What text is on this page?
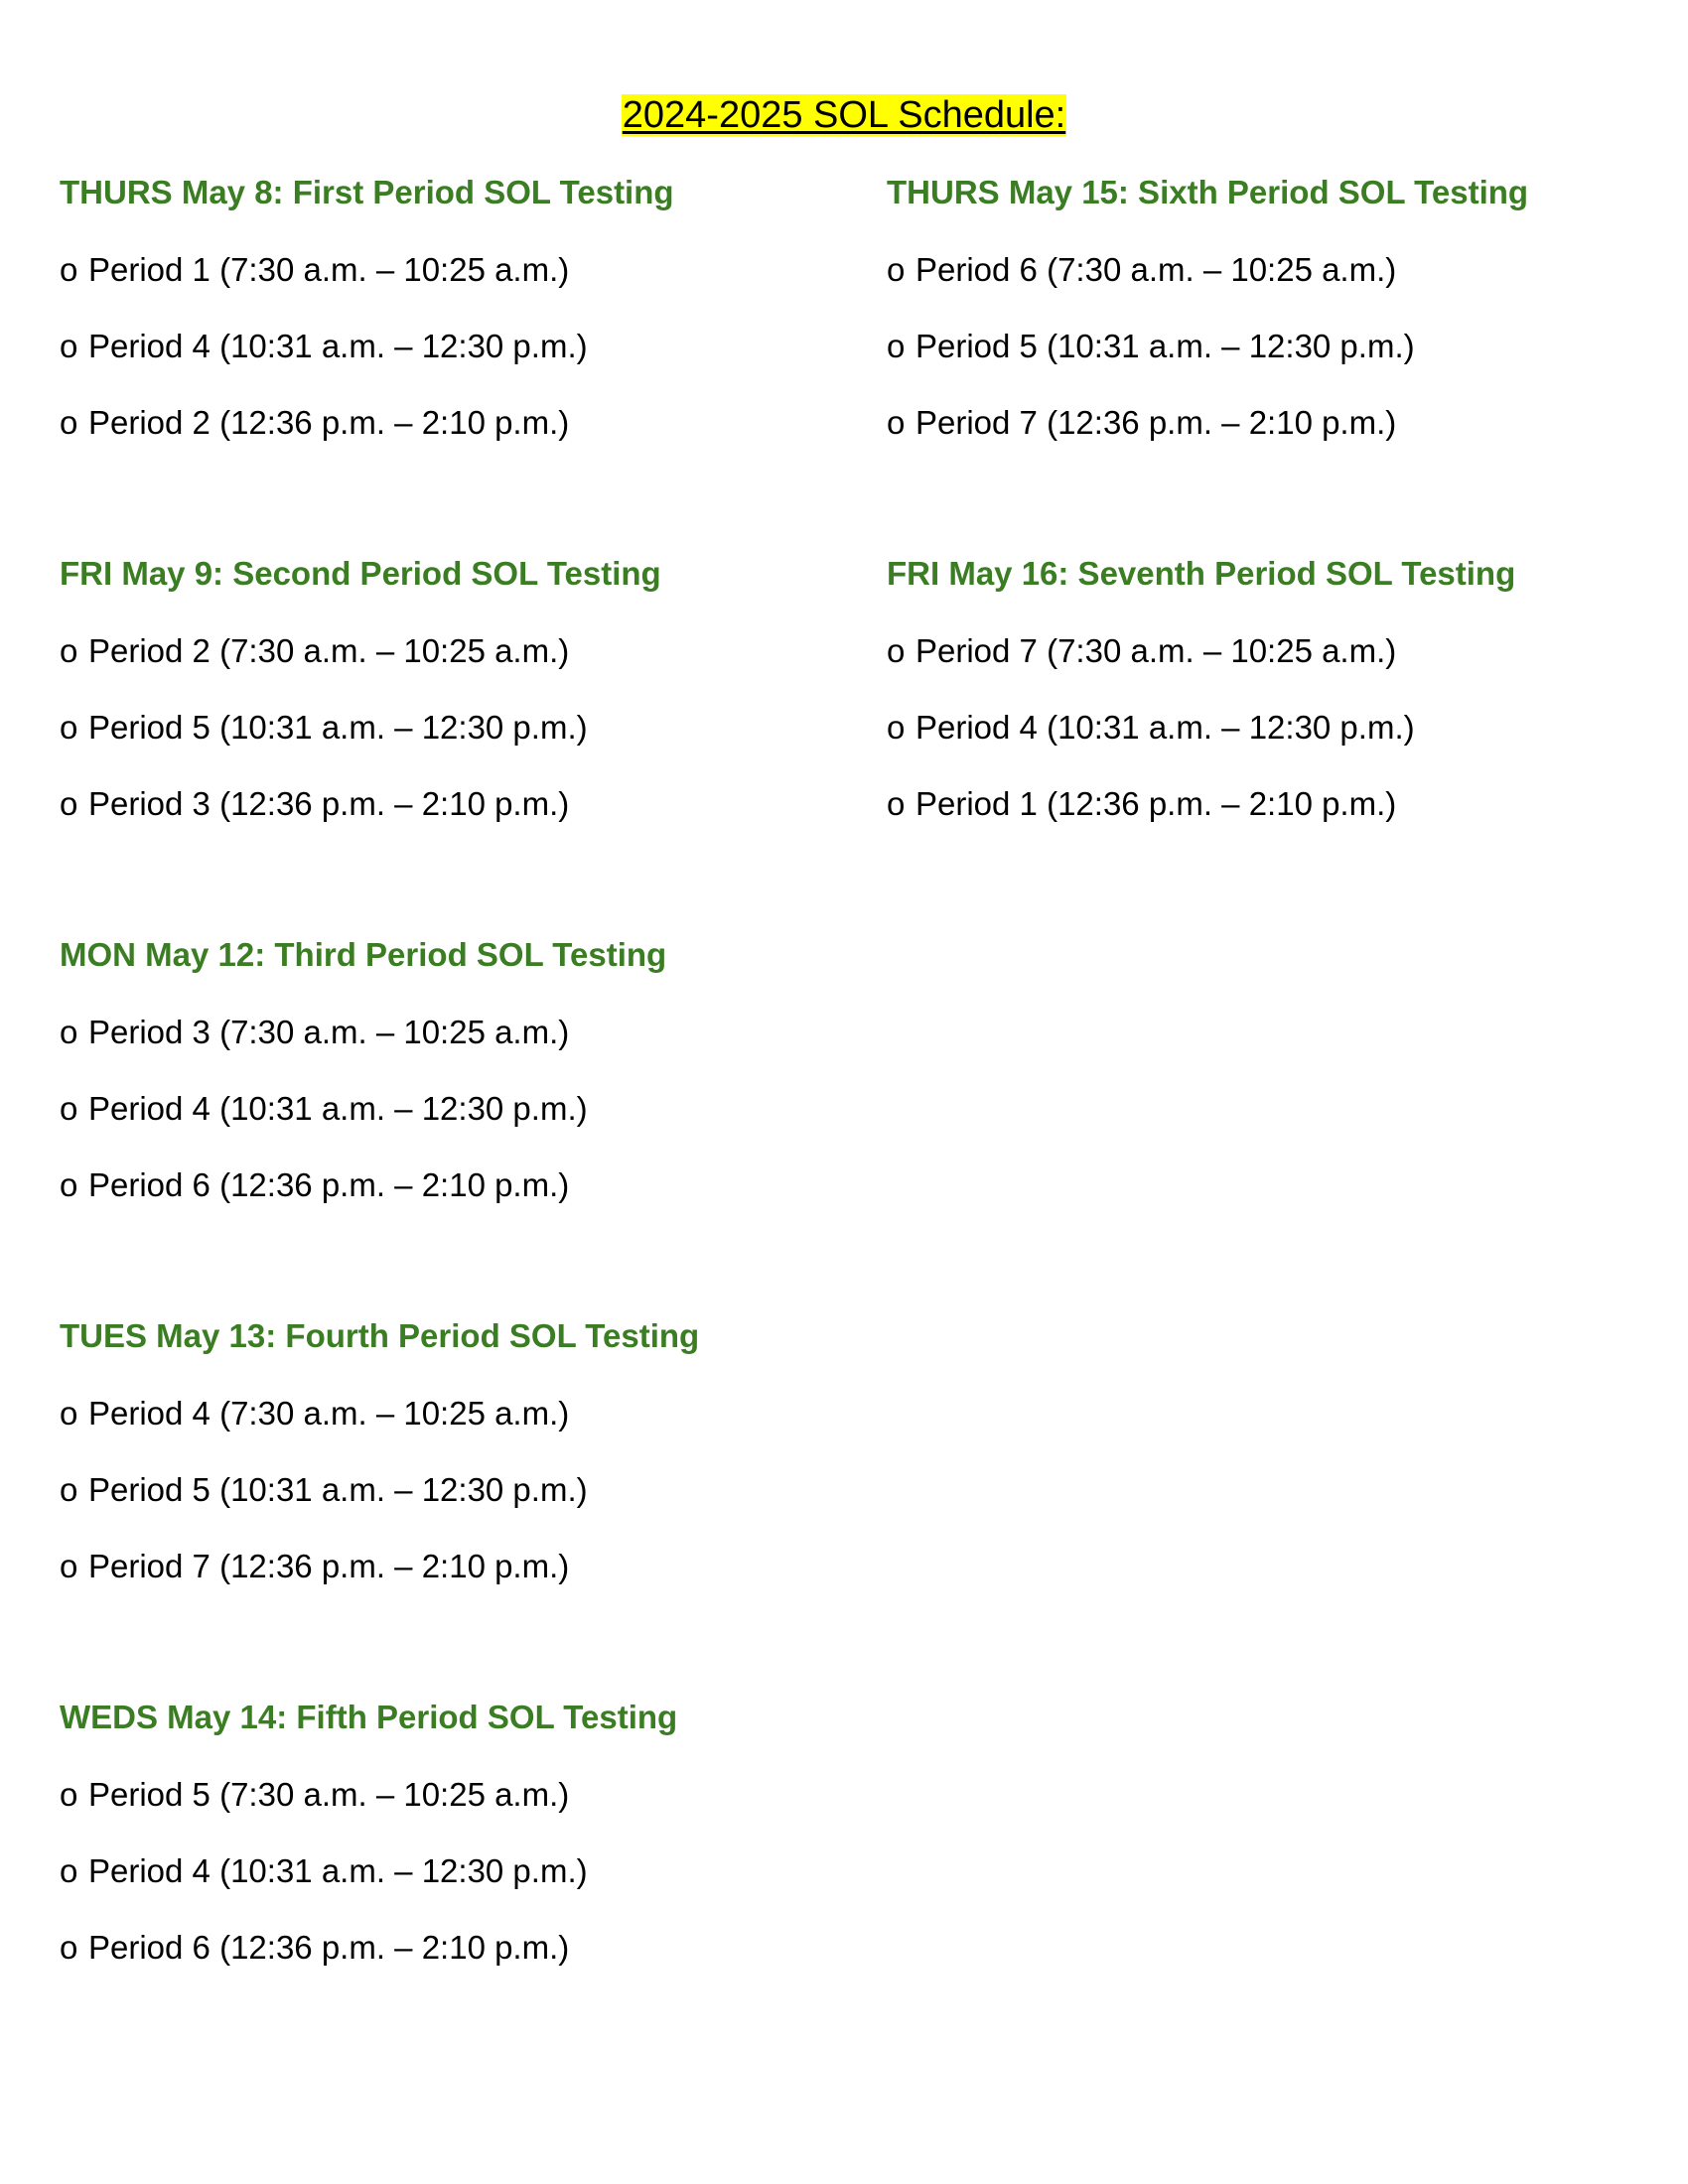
2024-2025 SOL Schedule:
THURS May 8: First Period SOL Testing
o Period 1 (7:30 a.m. – 10:25 a.m.)
o Period 4 (10:31 a.m. – 12:30 p.m.)
o Period 2 (12:36 p.m. – 2:10 p.m.)
FRI May 9: Second Period SOL Testing
o Period 2 (7:30 a.m. – 10:25 a.m.)
o Period 5 (10:31 a.m. – 12:30 p.m.)
o Period 3 (12:36 p.m. – 2:10 p.m.)
MON May 12: Third Period SOL Testing
o Period 3 (7:30 a.m. – 10:25 a.m.)
o Period 4 (10:31 a.m. – 12:30 p.m.)
o Period 6 (12:36 p.m. – 2:10 p.m.)
TUES May 13: Fourth Period SOL Testing
o Period 4 (7:30 a.m. – 10:25 a.m.)
o Period 5 (10:31 a.m. – 12:30 p.m.)
o Period 7 (12:36 p.m. – 2:10 p.m.)
WEDS May 14: Fifth Period SOL Testing
o Period 5 (7:30 a.m. – 10:25 a.m.)
o Period 4 (10:31 a.m. – 12:30 p.m.)
o Period 6 (12:36 p.m. – 2:10 p.m.)
THURS May 15: Sixth Period SOL Testing
o Period 6 (7:30 a.m. – 10:25 a.m.)
o Period 5 (10:31 a.m. – 12:30 p.m.)
o Period 7 (12:36 p.m. – 2:10 p.m.)
FRI May 16: Seventh Period SOL Testing
o Period 7 (7:30 a.m. – 10:25 a.m.)
o Period 4 (10:31 a.m. – 12:30 p.m.)
o Period 1 (12:36 p.m. – 2:10 p.m.)
